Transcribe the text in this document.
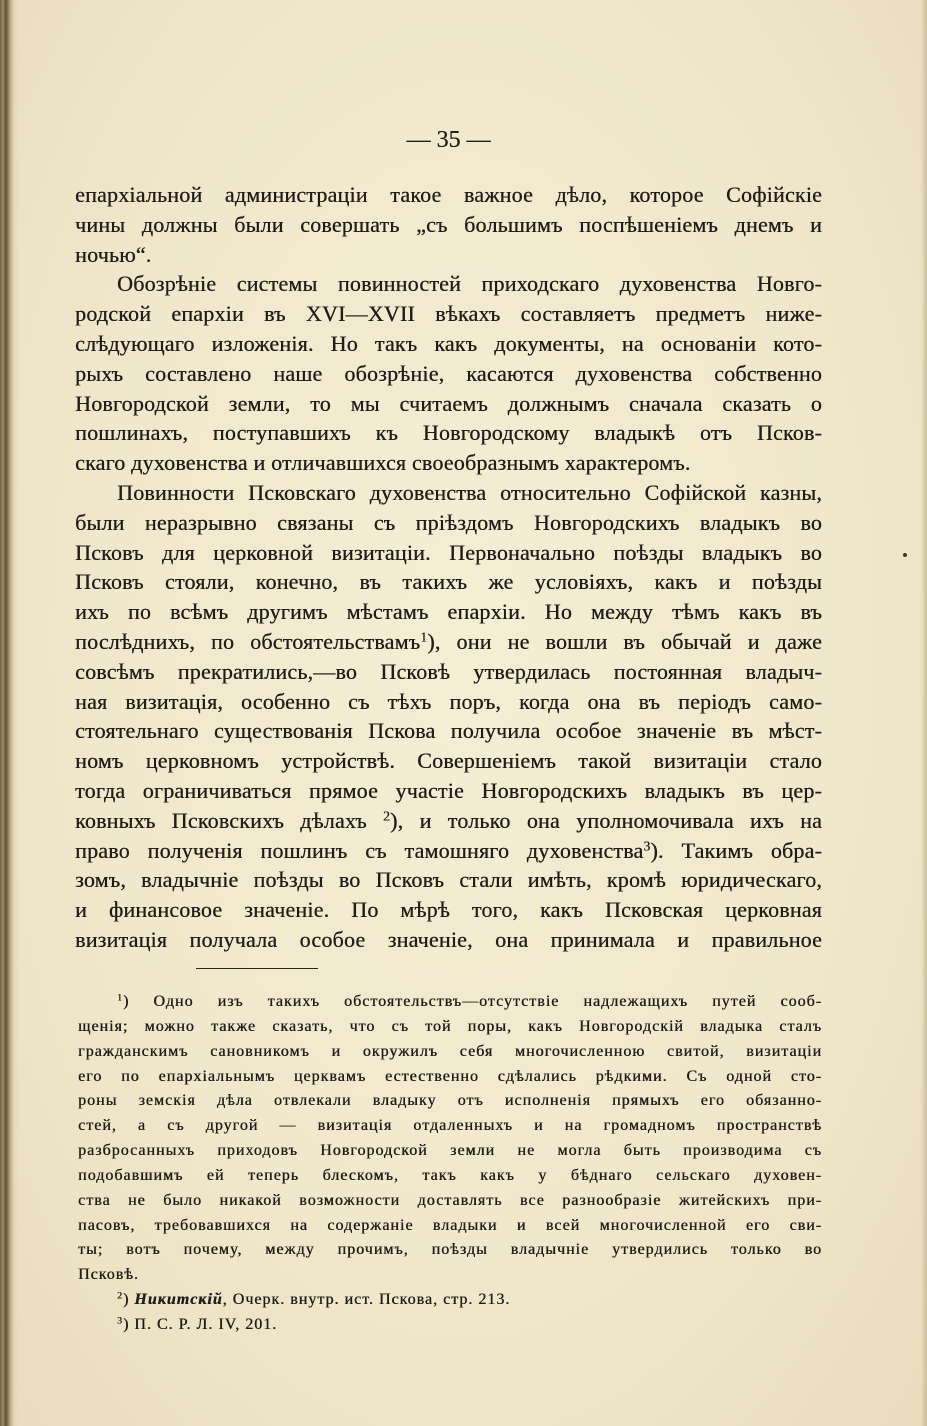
— 35 —
епархіальной администраціи такое важное дѣло, которое Софійскіе
чины должны были совершать „съ большимъ поспѣшеніемъ днемъ и
ночью“.
Обозрѣніе системы повинностей приходскаго духовенства Новго-
родской епархіи въ XVI—XVII вѣкахъ составляетъ предметъ ниже-
слѣдующаго изложенія. Но такъ какъ документы, на основаніи кото-
рыхъ составлено наше обозрѣніе, касаются духовенства собственно
Новгородской земли, то мы считаемъ должнымъ сначала сказать о
пошлинахъ, поступавшихъ къ Новгородскому владыкѣ отъ Псков-
скаго духовенства и отличавшихся своеобразнымъ характеромъ.
Повинности Псковскаго духовенства относительно Софійской казны,
были неразрывно связаны съ пріѣздомъ Новгородскихъ владыкъ во
Псковъ для церковной визитаціи. Первоначально поѣзды владыкъ во
Псковъ стояли, конечно, въ такихъ же условіяхъ, какъ и поѣзды
ихъ по всѣмъ другимъ мѣстамъ епархіи. Но между тѣмъ какъ въ
послѣднихъ, по обстоятельствамъ$^1$), они не вошли въ обычай и даже
совсѣмъ прекратились,—во Псковѣ утвердилась постоянная владыч-
ная визитація, особенно съ тѣхъ поръ, когда она въ періодъ само-
стоятельнаго существованія Пскова получила особое значеніе въ мѣст-
номъ церковномъ устройствѣ. Совершеніемъ такой визитаціи стало
тогда ограничиваться прямое участіе Новгородскихъ владыкъ въ цер-
ковныхъ Псковскихъ дѣлахъ $^2$), и только она уполномочивала ихъ на
право полученія пошлинъ съ тамошняго духовенства$^3$). Такимъ обра-
зомъ, владычніе поѣзды во Псковъ стали имѣть, кромѣ юридическаго,
и финансовое значеніе. По мѣрѣ того, какъ Псковская церковная
визитація получала особое значеніе, она принимала и правильное
$^1$) Одно изъ такихъ обстоятельствъ—отсутствіе надлежащихъ путей сооб-
щенія; можно также сказать, что съ той поры, какъ Новгородскій владыка сталъ
гражданскимъ сановникомъ и окружилъ себя многочисленною свитой, визитаціи
его по епархіальнымъ церквамъ естественно сдѣлались рѣдкими. Съ одной сто-
роны земскія дѣла отвлекали владыку отъ исполненія прямыхъ его обязанно-
стей, а съ другой — визитація отдаленныхъ и на громадномъ пространствѣ
разбросанныхъ приходовъ Новгородской земли не могла быть производима съ
подобавшимъ ей теперь блескомъ, такъ какъ у бѣднаго сельскаго духовен-
ства не было никакой возможности доставлять все разнообразіе житейскихъ при-
пасовъ, требовавшихся на содержаніе владыки и всей многочисленной его сви-
ты; вотъ почему, между прочимъ, поѣзды владычніе утвердились только во
Псковѣ.
$^2$) Никитскій, Очерк. внутр. ист. Пскова, стр. 213.
$^3$) П. С. Р. Л. IV, 201.
